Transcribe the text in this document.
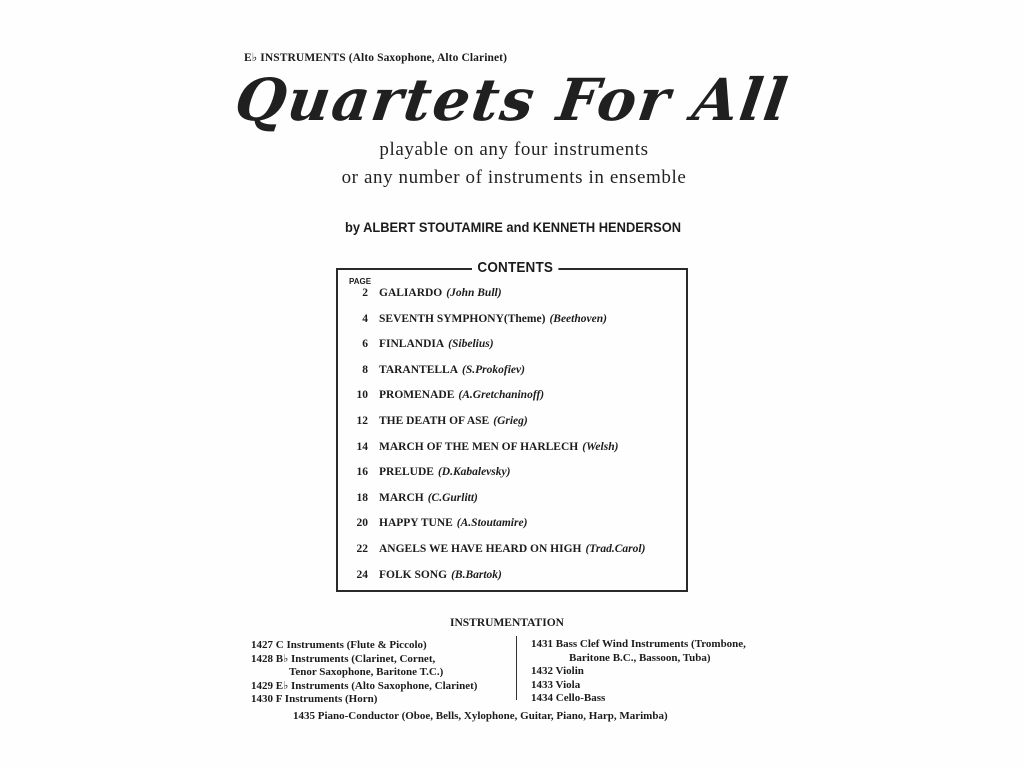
E♭ INSTRUMENTS (Alto Saxophone, Alto Clarinet)
Quartets For All
playable on any four instruments
or any number of instruments in ensemble
by ALBERT STOUTAMIRE and KENNETH HENDERSON
CONTENTS
PAGE
2 GALIARDO (John Bull)
4 SEVENTH SYMPHONY(Theme) (Beethoven)
6 FINLANDIA (Sibelius)
8 TARANTELLA (S.Prokofiev)
10 PROMENADE (A.Gretchaninoff)
12 THE DEATH OF ASE (Grieg)
14 MARCH OF THE MEN OF HARLECH (Welsh)
16 PRELUDE (D.Kabalevsky)
18 MARCH (C.Gurlitt)
20 HAPPY TUNE (A.Stoutamire)
22 ANGELS WE HAVE HEARD ON HIGH (Trad.Carol)
24 FOLK SONG (B.Bartok)
INSTRUMENTATION
1427 C Instruments (Flute & Piccolo)
1428 B♭ Instruments (Clarinet, Cornet,
Tenor Saxophone, Baritone T.C.)
1429 E♭ Instruments (Alto Saxophone, Clarinet)
1430 F Instruments (Horn)
1431 Bass Clef Wind Instruments (Trombone,
Baritone B.C., Bassoon, Tuba)
1432 Violin
1433 Viola
1434 Cello-Bass
1435 Piano-Conductor (Oboe, Bells, Xylophone, Guitar, Piano, Harp, Marimba)
